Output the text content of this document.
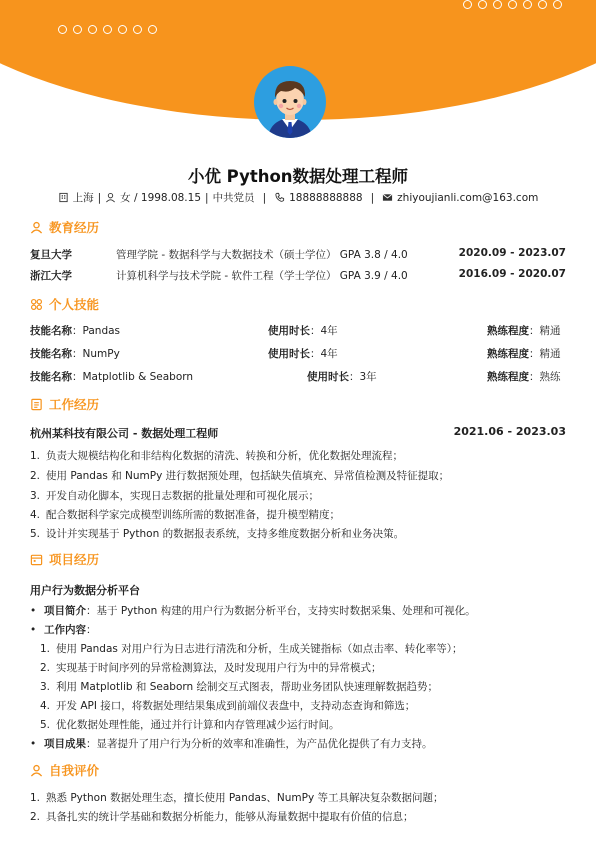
小优 Python数据处理工程师
上海 | 女 / 1998.08.15 | 中共党员 | 18888888888 | zhiyoujianli.com@163.com
教育经历
复旦大学	管理学院 - 数据科学与大数据技术（硕士学位） GPA 3.8 / 4.0	2020.09 - 2023.07
浙江大学	计算机科学与技术学院 - 软件工程（学士学位） GPA 3.9 / 4.0	2016.09 - 2020.07
个人技能
技能名称：Pandas	使用时长：4年	熟练程度：精通
技能名称：NumPy	使用时长：4年	熟练程度：精通
技能名称：Matplotlib & Seaborn	使用时长：3年	熟练程度：熟练
工作经历
杭州某科技有限公司 - 数据处理工程师	2021.06 - 2023.03
1. 负责大规模结构化和非结构化数据的清洗、转换和分析，优化数据处理流程；
2. 使用 Pandas 和 NumPy 进行数据预处理，包括缺失值填充、异常值检测及特征提取；
3. 开发自动化脚本，实现日志数据的批量处理和可视化展示；
4. 配合数据科学家完成模型训练所需的数据准备，提升模型精度；
5. 设计并实现基于 Python 的数据报表系统，支持多维度数据分析和业务决策。
项目经历
用户行为数据分析平台
• 项目简介：基于 Python 构建的用户行为数据分析平台，支持实时数据采集、处理和可视化。
• 工作内容：
1. 使用 Pandas 对用户行为日志进行清洗和分析，生成关键指标（如点击率、转化率等）；
2. 实现基于时间序列的异常检测算法，及时发现用户行为中的异常模式；
3. 利用 Matplotlib 和 Seaborn 绘制交互式图表，帮助业务团队快速理解数据趋势；
4. 开发 API 接口，将数据处理结果集成到前端仪表盘中，支持动态查询和筛选；
5. 优化数据处理性能，通过并行计算和内存管理减少运行时间。
• 项目成果：显著提升了用户行为分析的效率和准确性，为产品优化提供了有力支持。
自我评价
1. 熟悉 Python 数据处理生态，擅长使用 Pandas、NumPy 等工具解决复杂数据问题；
2. 具备扎实的统计学基础和数据分析能力，能够从海量数据中提取有价值的信息；
